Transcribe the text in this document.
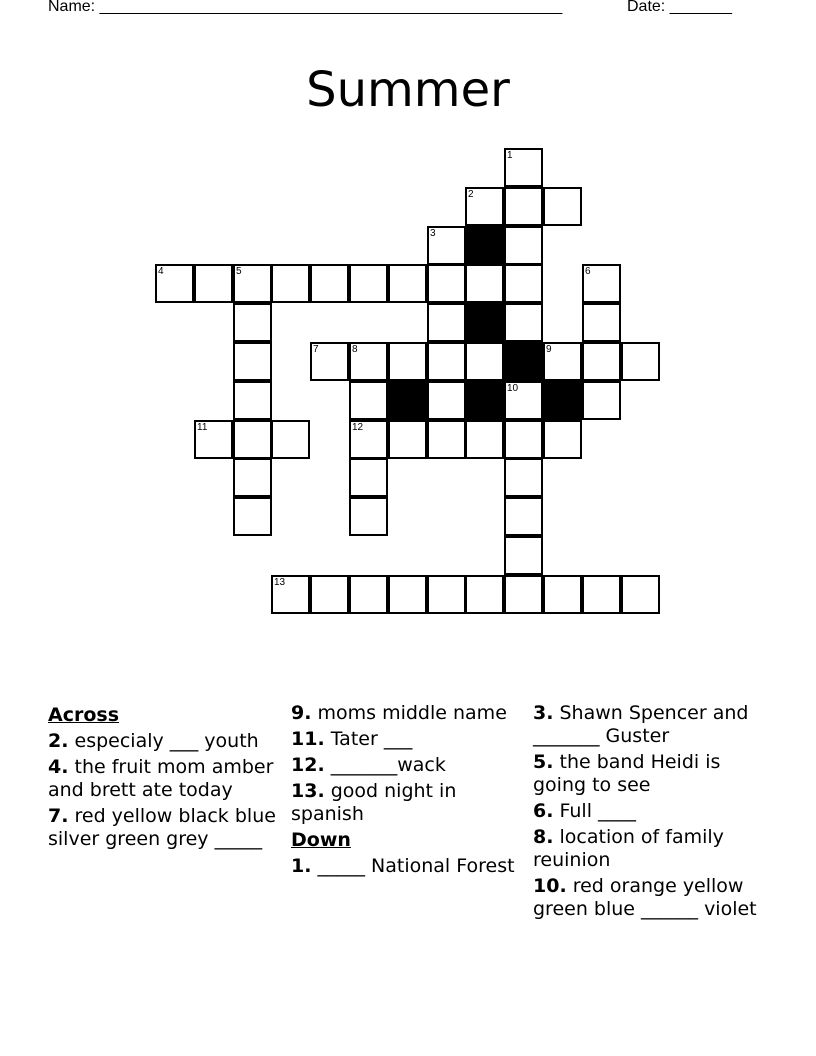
Name: ____________________________________________________	Date: _______
Summer
1
2
3
4	5	6
7	8	9
10
11	12
13
Across
2. especialy ___ youth
4. the fruit mom amber and brett ate today
7. red yellow black blue silver green grey _____
9. moms middle name
11. Tater ___
12. _______wack
13. good night in spanish
Down
1. _____ National Forest
3. Shawn Spencer and _______ Guster
5. the band Heidi is going to see
6. Full ____
8. location of family reuinion
10. red orange yellow green blue ______ violet
